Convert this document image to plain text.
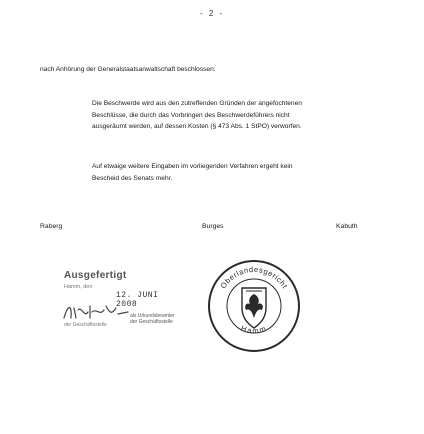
- 2 -
nach Anhörung der Generalstaatsanwaltschaft beschlossen:
Die Beschwerde wird aus den zutreffenden Gründen der angefochtenen
Beschlüsse, die durch das Vorbringen des Beschwerdeführers nicht
ausgeräumt werden, auf dessen Kosten (§ 473 Abs. 1 StPO) verworfen.
Auf etwaige weitere Eingaben im vorliegenden Verfahren ergeht kein
Bescheid des Senats mehr.
Raberg	Burges	Kabuth
Ausgefertigt
Hamm, den
12. JUNI 2008
als Urkundsbeamter der Geschäftsstelle
der Geschäftsstelle
Oberlandesgericht
Hamm
